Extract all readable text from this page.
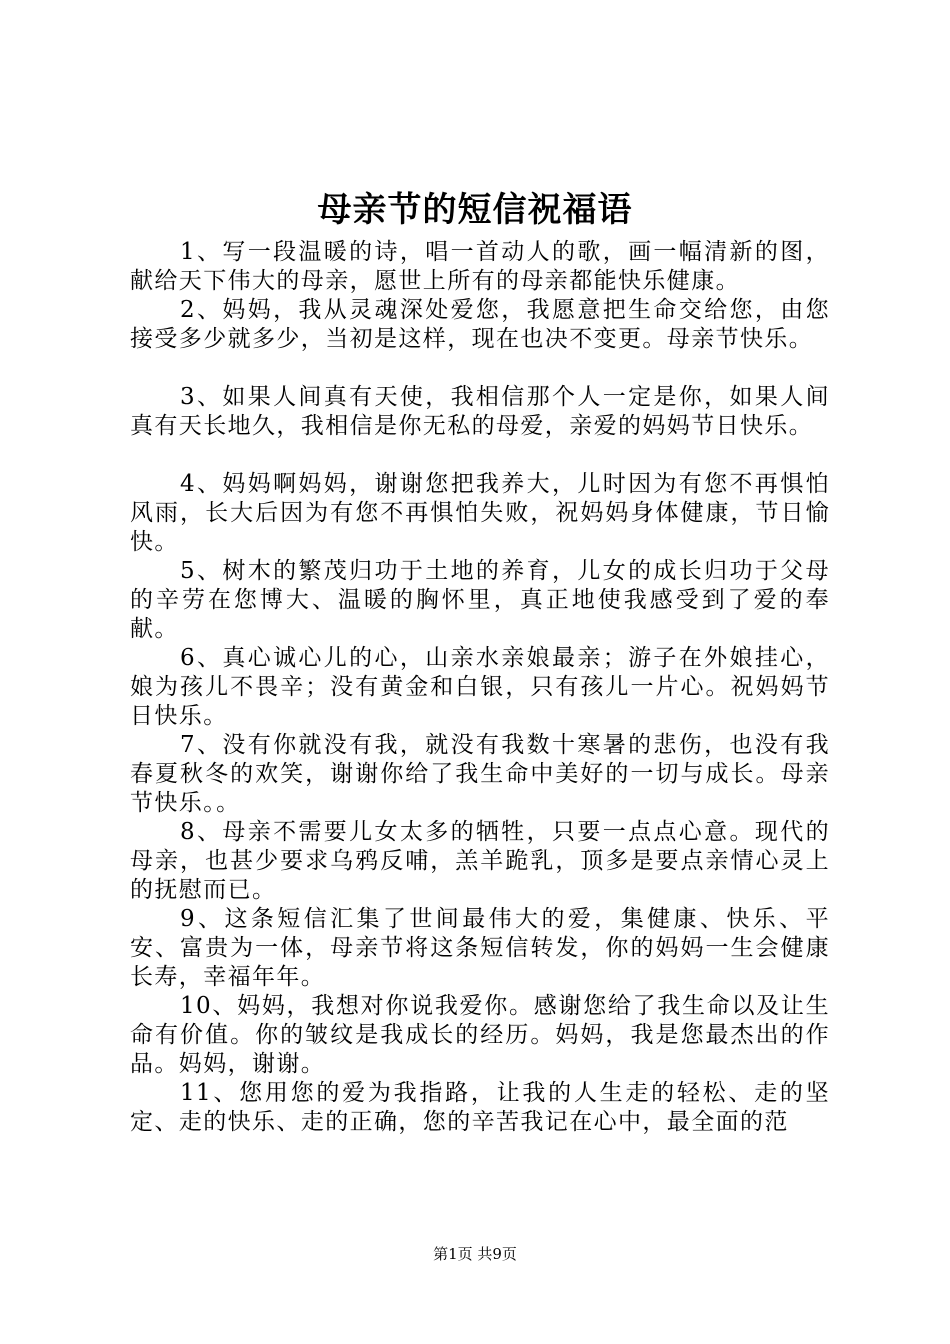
母亲节的短信祝福语

1、写一段温暖的诗，唱一首动人的歌，画一幅清新的图，献给天下伟大的母亲，愿世上所有的母亲都能快乐健康。

2、妈妈，我从灵魂深处爱您，我愿意把生命交给您，由您接受多少就多少，当初是这样，现在也决不变更。母亲节快乐。

3、如果人间真有天使，我相信那个人一定是你，如果人间真有天长地久，我相信是你无私的母爱，亲爱的妈妈节日快乐。

4、妈妈啊妈妈，谢谢您把我养大，儿时因为有您不再惧怕风雨，长大后因为有您不再惧怕失败，祝妈妈身体健康，节日愉快。

5、树木的繁茂归功于土地的养育，儿女的成长归功于父母的辛劳在您博大、温暖的胸怀里，真正地使我感受到了爱的奉献。

6、真心诚心儿的心，山亲水亲娘最亲；游子在外娘挂心，娘为孩儿不畏辛；没有黄金和白银，只有孩儿一片心。祝妈妈节日快乐。

7、没有你就没有我，就没有我数十寒暑的悲伤，也没有我春夏秋冬的欢笑，谢谢你给了我生命中美好的一切与成长。母亲节快乐。。

8、母亲不需要儿女太多的牺牲，只要一点点心意。现代的母亲，也甚少要求乌鸦反哺，羔羊跪乳，顶多是要点亲情心灵上的抚慰而已。

9、这条短信汇集了世间最伟大的爱，集健康、快乐、平安、富贵为一体，母亲节将这条短信转发，你的妈妈一生会健康长寿，幸福年年。

10、妈妈，我想对你说我爱你。感谢您给了我生命以及让生命有价值。你的皱纹是我成长的经历。妈妈，我是您最杰出的作品。妈妈，谢谢。

11、您用您的爱为我指路，让我的人生走的轻松、走的坚定、走的快乐、走的正确，您的辛苦我记在心中，最全面的范

第1页 共9页
